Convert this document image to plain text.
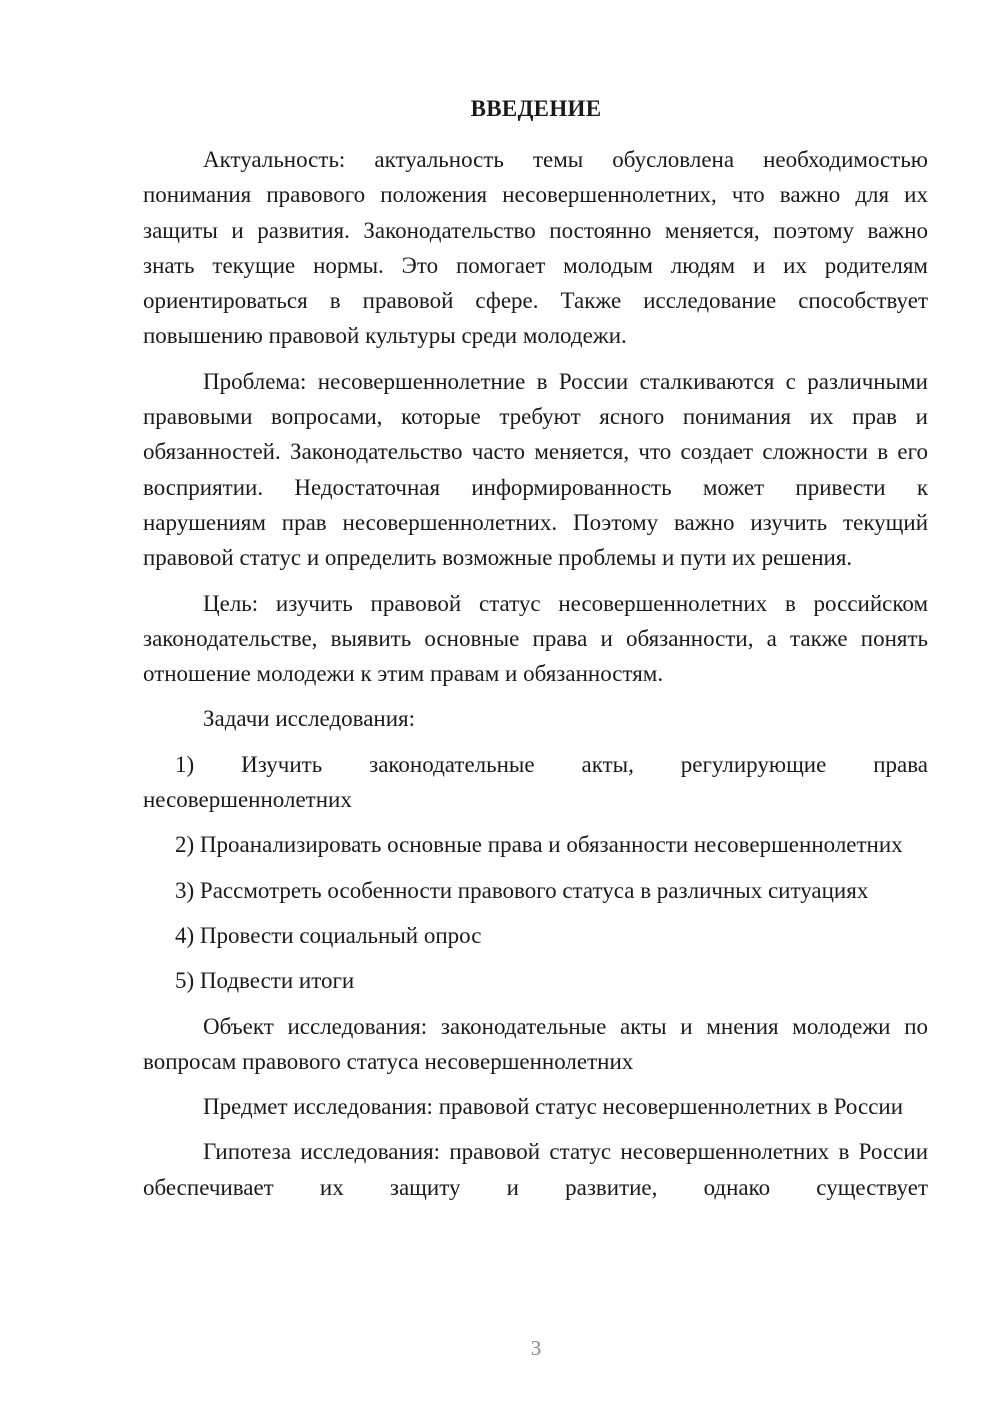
ВВЕДЕНИЕ

Актуальность: актуальность темы обусловлена необходимостью понимания правового положения несовершеннолетних, что важно для их защиты и развития. Законодательство постоянно меняется, поэтому важно знать текущие нормы. Это помогает молодым людям и их родителям ориентироваться в правовой сфере. Также исследование способствует повышению правовой культуры среди молодежи.

Проблема: несовершеннолетние в России сталкиваются с различными правовыми вопросами, которые требуют ясного понимания их прав и обязанностей. Законодательство часто меняется, что создает сложности в его восприятии. Недостаточная информированность может привести к нарушениям прав несовершеннолетних. Поэтому важно изучить текущий правовой статус и определить возможные проблемы и пути их решения.

Цель: изучить правовой статус несовершеннолетних в российском законодательстве, выявить основные права и обязанности, а также понять отношение молодежи к этим правам и обязанностям.

Задачи исследования:

1) Изучить законодательные акты, регулирующие права несовершеннолетних

2) Проанализировать основные права и обязанности несовершеннолетних

3) Рассмотреть особенности правового статуса в различных ситуациях

4) Провести социальный опрос

5) Подвести итоги

Объект исследования: законодательные акты и мнения молодежи по вопросам правового статуса несовершеннолетних

Предмет исследования: правовой статус несовершеннолетних в России

Гипотеза исследования: правовой статус несовершеннолетних в России обеспечивает их защиту и развитие, однако существует

3
